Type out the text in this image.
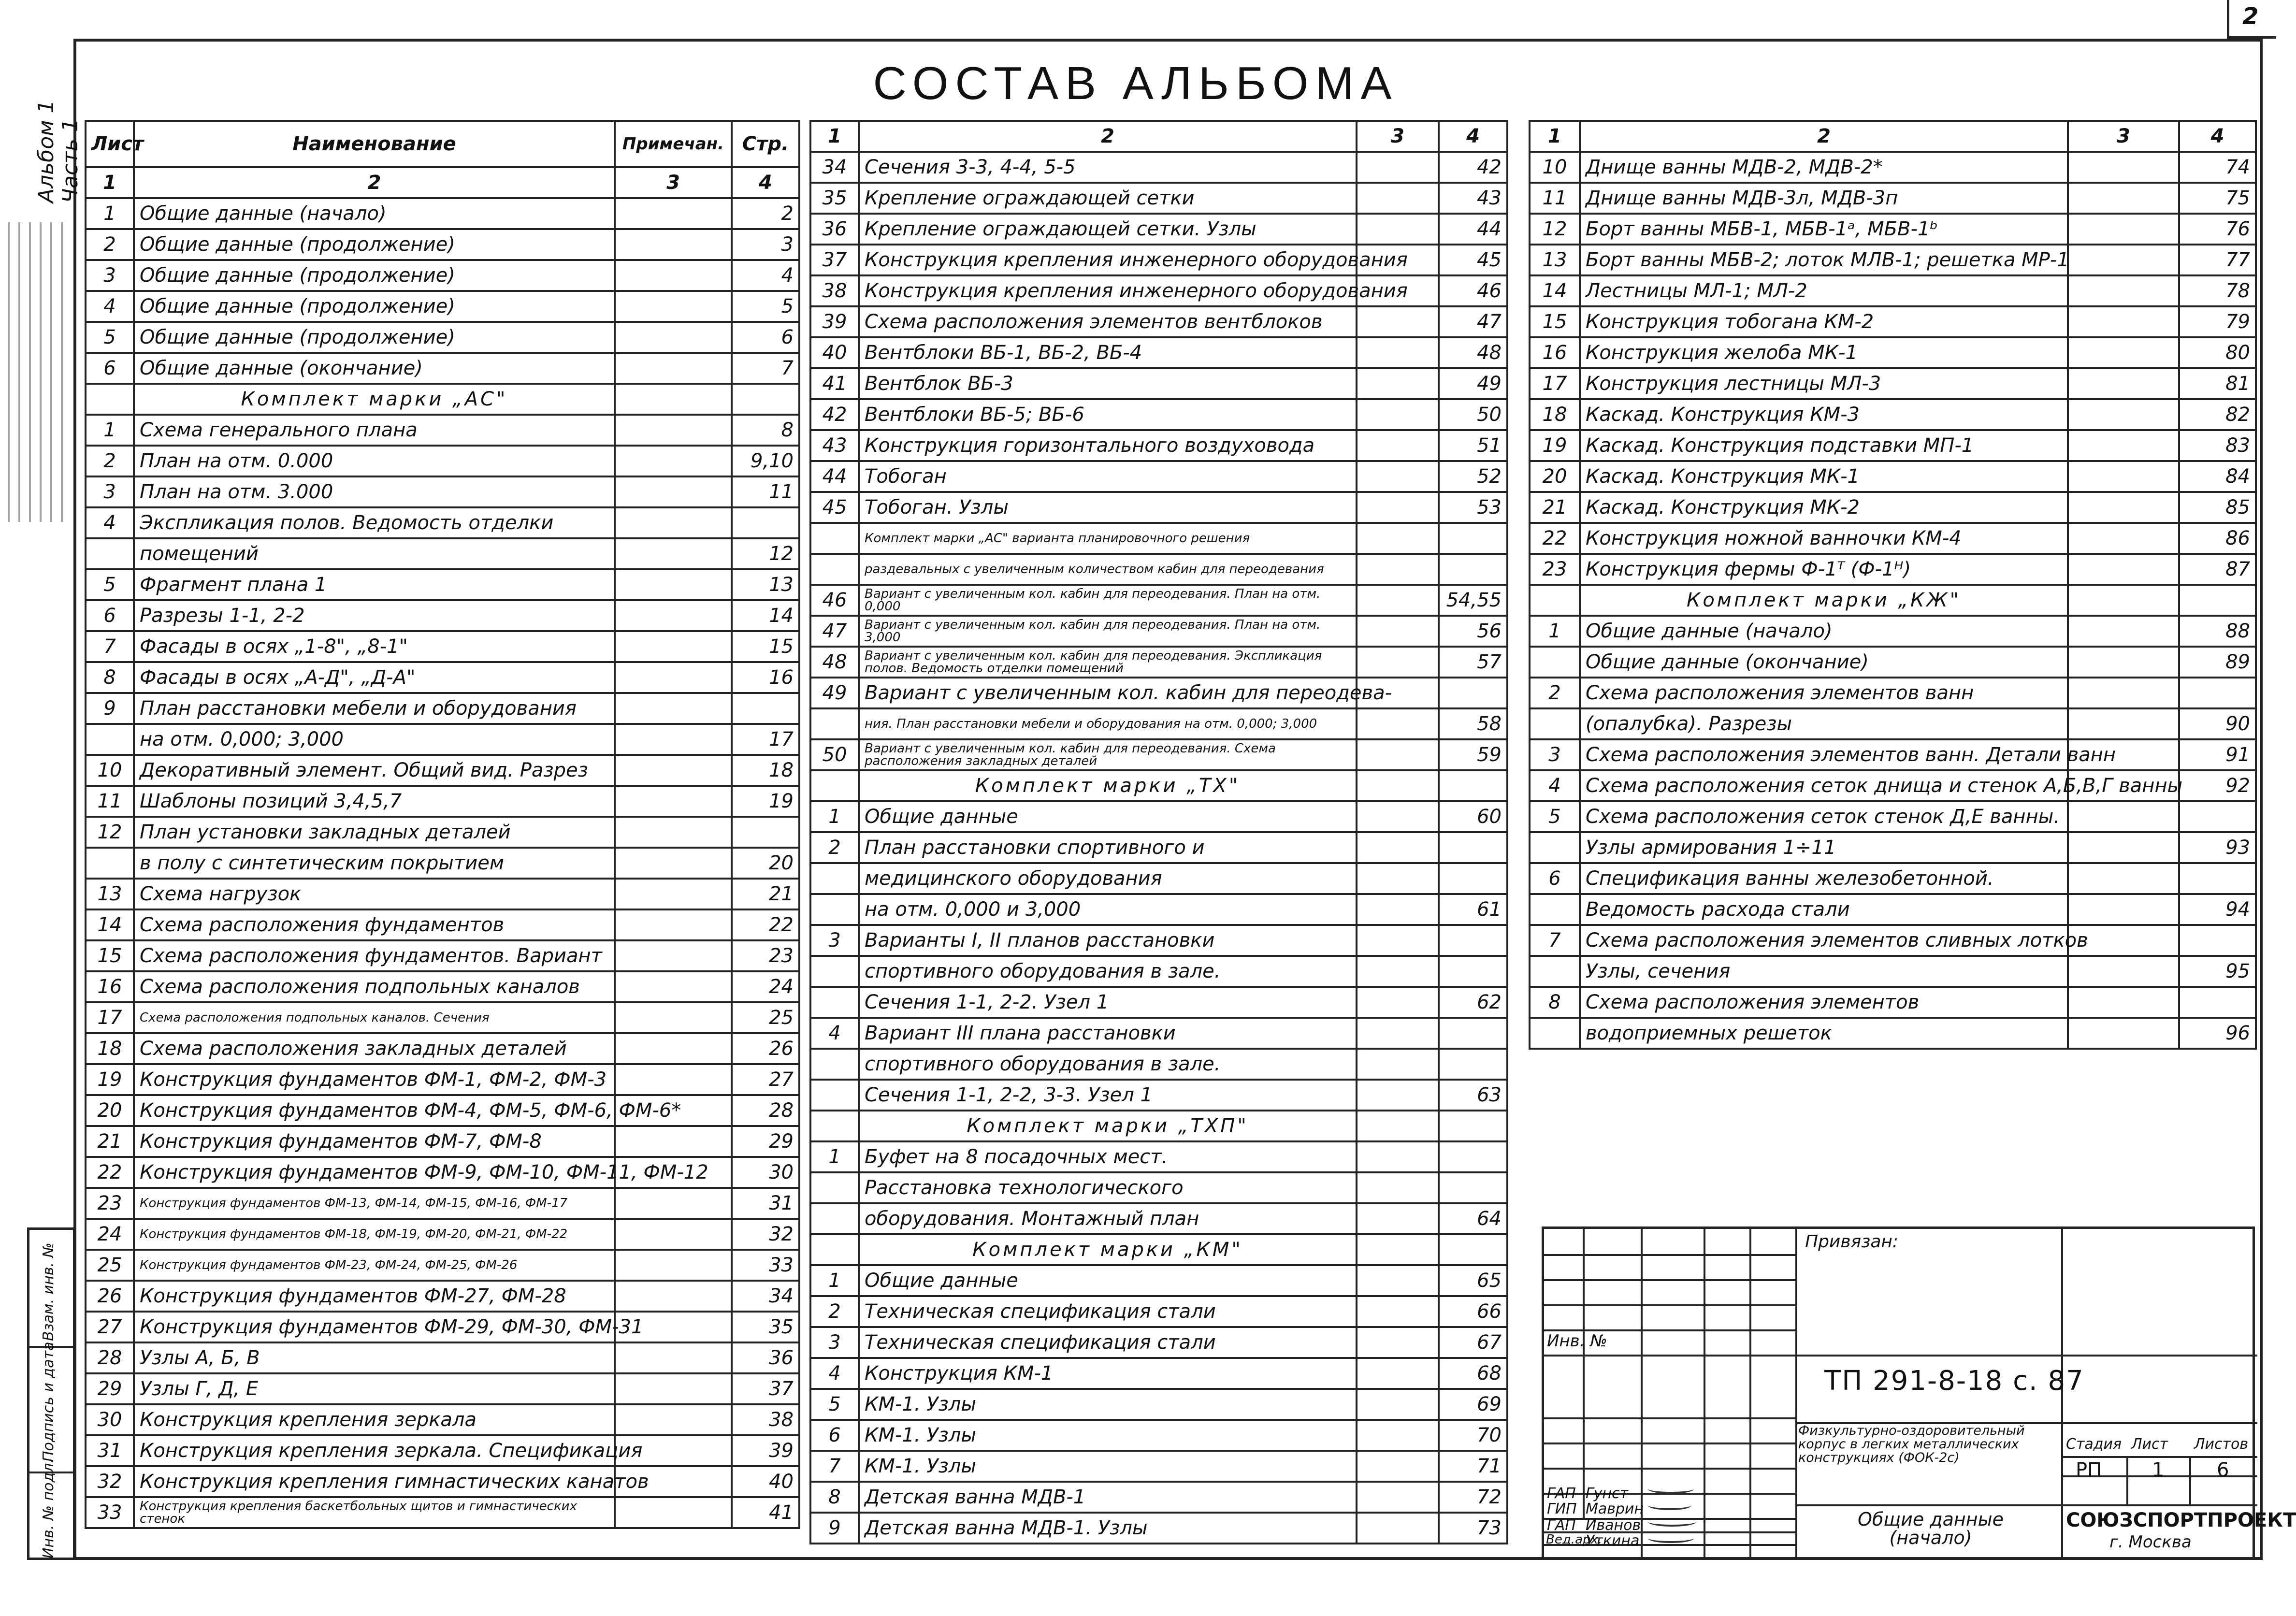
2
Альбом 1 Часть 1
СОСТАВ АЛЬБОМА
Лист	Наименование	Примечан.	Стр.
1	2	3	4
1	Общие данные (начало)		2
2	Общие данные (продолжение)		3
3	Общие данные (продолжение)		4
4	Общие данные (продолжение)		5
5	Общие данные (продолжение)		6
6	Общие данные (окончание)		7
	Комплект марки „АС"		
1	Схема генерального плана		8
2	План на отм. 0.000		9,10
3	План на отм. 3.000		11
4	Экспликация полов. Ведомость отделки		
	помещений		12
5	Фрагмент плана 1		13
6	Разрезы 1-1, 2-2		14
7	Фасады в осях „1-8", „8-1"		15
8	Фасады в осях „А-Д", „Д-А"		16
9	План расстановки мебели и оборудования		
	на отм. 0,000; 3,000		17
10	Декоративный элемент. Общий вид. Разрез		18
11	Шаблоны позиций 3,4,5,7		19
12	План установки закладных деталей		
	в полу с синтетическим покрытием		20
13	Схема нагрузок		21
14	Схема расположения фундаментов		22
15	Схема расположения фундаментов. Вариант		23
16	Схема расположения подпольных каналов		24
17	Схема расположения подпольных каналов. Сечения		25
18	Схема расположения закладных деталей		26
19	Конструкция фундаментов ФМ-1, ФМ-2, ФМ-3		27
20	Конструкция фундаментов ФМ-4, ФМ-5, ФМ-6, ФМ-6*		28
21	Конструкция фундаментов ФМ-7, ФМ-8		29
22	Конструкция фундаментов ФМ-9, ФМ-10, ФМ-11, ФМ-12		30
23	Конструкция фундаментов ФМ-13, ФМ-14, ФМ-15, ФМ-16, ФМ-17		31
24	Конструкция фундаментов ФМ-18, ФМ-19, ФМ-20, ФМ-21, ФМ-22		32
25	Конструкция фундаментов ФМ-23, ФМ-24, ФМ-25, ФМ-26		33
26	Конструкция фундаментов ФМ-27, ФМ-28		34
27	Конструкция фундаментов ФМ-29, ФМ-30, ФМ-31		35
28	Узлы А, Б, В		36
29	Узлы Г, Д, Е		37
30	Конструкция крепления зеркала		38
31	Конструкция крепления зеркала. Спецификация		39
32	Конструкция крепления гимнастических канатов		40
33	Конструкция крепления баскетбольных щитов и гимнастических стенок		41
1	2	3	4
34	Сечения 3-3, 4-4, 5-5		42
35	Крепление ограждающей сетки		43
36	Крепление ограждающей сетки. Узлы		44
37	Конструкция крепления инженерного оборудования		45
38	Конструкция крепления инженерного оборудования		46
39	Схема расположения элементов вентблоков		47
40	Вентблоки ВБ-1, ВБ-2, ВБ-4		48
41	Вентблок ВБ-3		49
42	Вентблоки ВБ-5; ВБ-6		50
43	Конструкция горизонтального воздуховода		51
44	Тобоган		52
45	Тобоган. Узлы		53
	Комплект марки „АС" варианта планировочного решения		
	раздевальных с увеличенным количеством кабин для переодевания		
46	Вариант с увеличенным кол. кабин для переодевания. План на отм. 0,000		54,55
47	Вариант с увеличенным кол. кабин для переодевания. План на отм. 3,000		56
48	Вариант с увеличенным кол. кабин для переодевания. Экспликация полов. Ведомость отделки помещений		57
49	Вариант с увеличенным кол. кабин для переодева-		
	ния. План расстановки мебели и оборудования на отм. 0,000; 3,000		58
50	Вариант с увеличенным кол. кабин для переодевания. Схема расположения закладных деталей		59
	Комплект марки „ТХ"		
1	Общие данные		60
2	План расстановки спортивного и		
	медицинского оборудования		
	на отм. 0,000 и 3,000		61
3	Варианты I, II планов расстановки		
	спортивного оборудования в зале.		
	Сечения 1-1, 2-2. Узел 1		62
4	Вариант III плана расстановки		
	спортивного оборудования в зале.		
	Сечения 1-1, 2-2, 3-3. Узел 1		63
	Комплект марки „ТХП"		
1	Буфет на 8 посадочных мест.		
	Расстановка технологического		
	оборудования. Монтажный план		64
	Комплект марки „КМ"		
1	Общие данные		65
2	Техническая спецификация стали		66
3	Техническая спецификация стали		67
4	Конструкция КМ-1		68
5	КМ-1. Узлы		69
6	КМ-1. Узлы		70
7	КМ-1. Узлы		71
8	Детская ванна МДВ-1		72
9	Детская ванна МДВ-1. Узлы		73
1	2	3	4
10	Днище ванны МДВ-2, МДВ-2*		74
11	Днище ванны МДВ-3л, МДВ-3п		75
12	Борт ванны МБВ-1, МБВ-1ᵃ, МБВ-1ᵇ		76
13	Борт ванны МБВ-2; лоток МЛВ-1; решетка МР-1		77
14	Лестницы МЛ-1; МЛ-2		78
15	Конструкция тобогана КМ-2		79
16	Конструкция желоба МК-1		80
17	Конструкция лестницы МЛ-3		81
18	Каскад. Конструкция КМ-3		82
19	Каскад. Конструкция подставки МП-1		83
20	Каскад. Конструкция МК-1		84
21	Каскад. Конструкция МК-2		85
22	Конструкция ножной ванночки КМ-4		86
23	Конструкция фермы Ф-1ᵀ (Ф-1ᴴ)		87
	Комплект марки „КЖ"		
1	Общие данные (начало)		88
	Общие данные (окончание)		89
2	Схема расположения элементов ванн		
	(опалубка). Разрезы		90
3	Схема расположения элементов ванн. Детали ванн		91
4	Схема расположения сеток днища и стенок А,Б,В,Г ванны		92
5	Схема расположения сеток стенок Д,Е ванны.		
	Узлы армирования 1÷11		93
6	Спецификация ванны железобетонной.		
	Ведомость расхода стали		94
7	Схема расположения элементов сливных лотков		
	Узлы, сечения		95
8	Схема расположения элементов		
	водоприемных решеток		96
Инв. № подл.
Подпись и дата
Взам. инв. №
Привязан:
Инв. №
ТП 291-8-18 с. 87
Физкультурно-оздоровительный корпус в легких металлических конструкциях (ФОК-2с)
Стадия Лист Листов
РП	1	6
Общие данные (начало)
СОЮЗСПОРТПРОЕКТ
г. Москва
ГАП Гунст
ГИП Маврин
ГАП Иванов
Вед.арх.
Уткина
